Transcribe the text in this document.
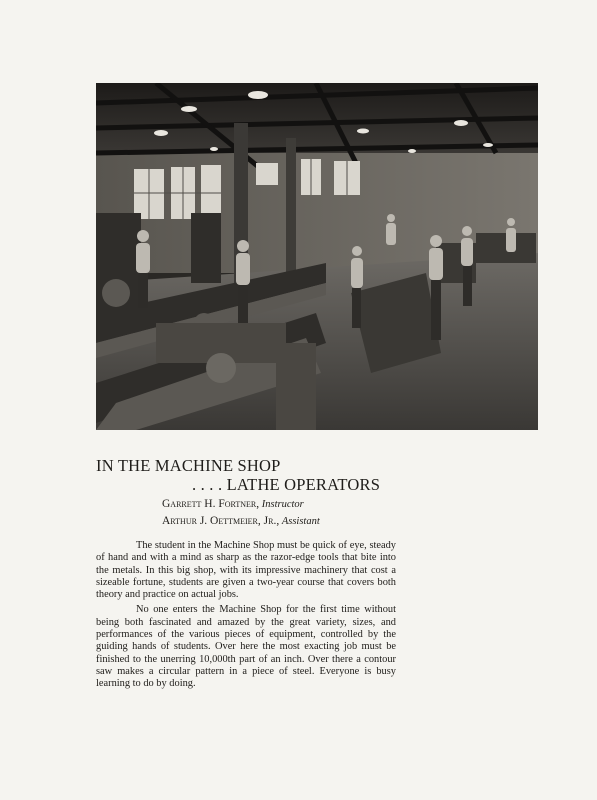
IN THE MACHINE SHOP
. . . . LATHE OPERATORS
Garrett H. Fortner, Instructor
Arthur J. Oettmeier, Jr., Assistant

The student in the Machine Shop must be quick of eye, steady of hand and with a mind as sharp as the razor-edge tools that bite into the metals. In this big shop, with its impressive machinery that cost a sizeable fortune, students are given a two-year course that covers both theory and practice on actual jobs.

No one enters the Machine Shop for the first time without being both fascinated and amazed by the great variety, sizes, and performances of the various pieces of equipment, controlled by the guiding hands of students. Over here the most exacting job must be finished to the unerring 10,000th part of an inch. Over there a contour saw makes a circular pattern in a piece of steel. Everyone is busy learning to do by doing.
